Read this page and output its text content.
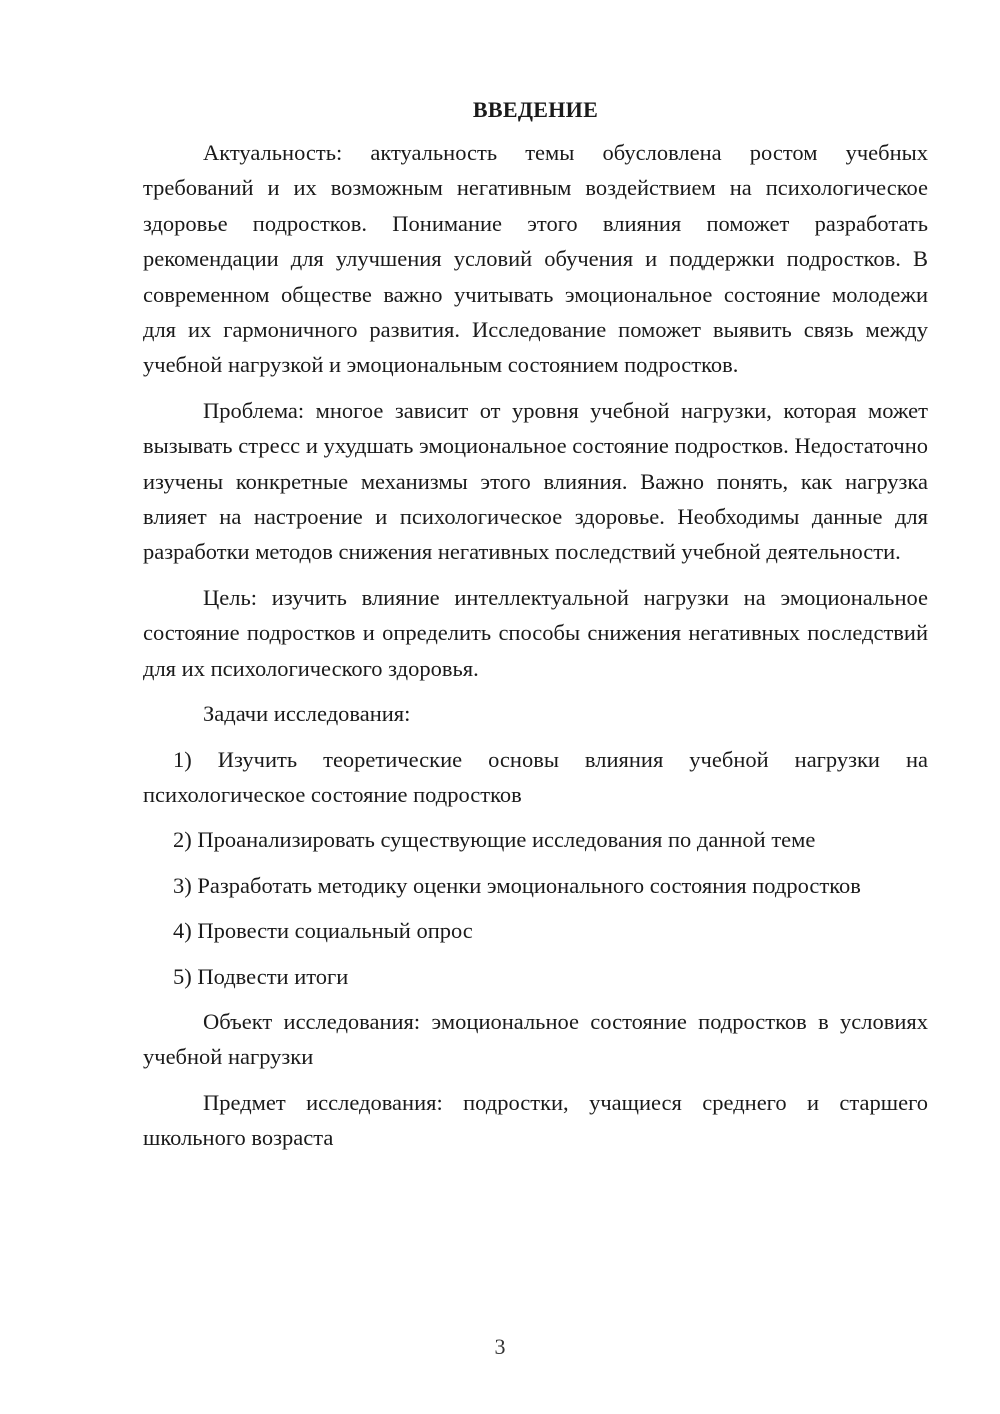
ВВЕДЕНИЕ

Актуальность: актуальность темы обусловлена ростом учебных требований и их возможным негативным воздействием на психологическое здоровье подростков. Понимание этого влияния поможет разработать рекомендации для улучшения условий обучения и поддержки подростков. В современном обществе важно учитывать эмоциональное состояние молодежи для их гармоничного развития. Исследование поможет выявить связь между учебной нагрузкой и эмоциональным состоянием подростков.

Проблема: многое зависит от уровня учебной нагрузки, которая может вызывать стресс и ухудшать эмоциональное состояние подростков. Недостаточно изучены конкретные механизмы этого влияния. Важно понять, как нагрузка влияет на настроение и психологическое здоровье. Необходимы данные для разработки методов снижения негативных последствий учебной деятельности.

Цель: изучить влияние интеллектуальной нагрузки на эмоциональное состояние подростков и определить способы снижения негативных последствий для их психологического здоровья.

Задачи исследования:

1) Изучить теоретические основы влияния учебной нагрузки на психологическое состояние подростков

2) Проанализировать существующие исследования по данной теме

3) Разработать методику оценки эмоционального состояния подростков

4) Провести социальный опрос

5) Подвести итоги

Объект исследования: эмоциональное состояние подростков в условиях учебной нагрузки

Предмет исследования: подростки, учащиеся среднего и старшего школьного возраста

3
